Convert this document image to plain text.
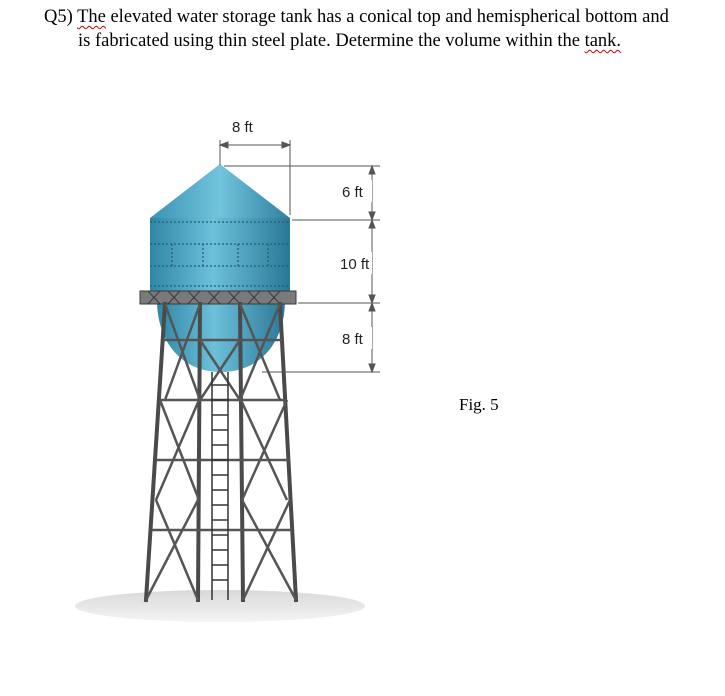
Q5) The elevated water storage tank has a conical top and hemispherical bottom and
is fabricated using thin steel plate. Determine the volume within the tank.

8 ft
6 ft
10 ft
8 ft
Fig. 5
